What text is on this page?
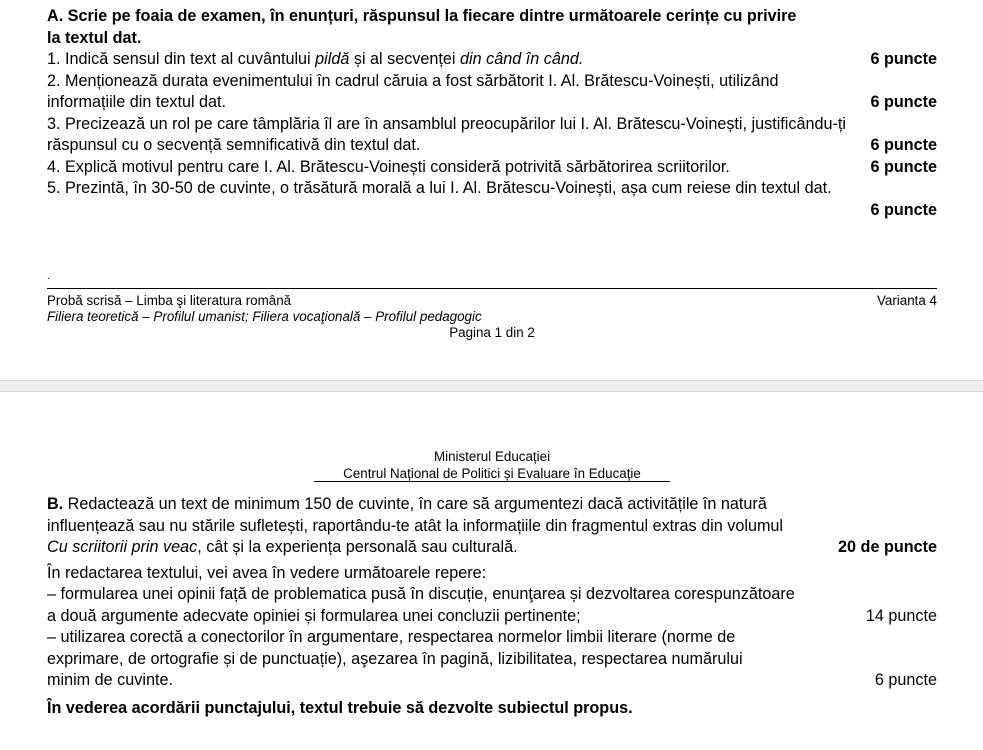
A. Scrie pe foaia de examen, în enunțuri, răspunsul la fiecare dintre următoarele cerințe cu privire
la textul dat.
1. Indică sensul din text al cuvântului pildă și al secvenței din când în când.	6 puncte
2. Menționează durata evenimentului în cadrul căruia a fost sărbătorit I. Al. Brătescu-Voinești, utilizând
informațiile din textul dat.	6 puncte
3. Precizează un rol pe care tâmplăria îl are în ansamblul preocupărilor lui I. Al. Brătescu-Voinești, justificându-ți
răspunsul cu o secvență semnificativă din textul dat.	6 puncte
4. Explică motivul pentru care I. Al. Brătescu-Voinești consideră potrivită sărbătorirea scriitorilor.	6 puncte
5. Prezintă, în 30-50 de cuvinte, o trăsătură morală a lui I. Al. Brătescu-Voinești, așa cum reiese din textul dat.
6 puncte
.
Probă scrisă – Limba şi literatura română	Varianta 4
Filiera teoretică – Profilul umanist; Filiera vocaţională – Profilul pedagogic
Pagina 1 din 2
Ministerul Educației
Centrul Național de Politici și Evaluare în Educație
B. Redactează un text de minimum 150 de cuvinte, în care să argumentezi dacă activitățile în natură
influențează sau nu stările sufletești, raportându-te atât la informațiile din fragmentul extras din volumul
Cu scriitorii prin veac, cât și la experiența personală sau culturală.	20 de puncte
În redactarea textului, vei avea în vedere următoarele repere:
– formularea unei opinii față de problematica pusă în discuție, enunţarea și dezvoltarea corespunzătoare
a două argumente adecvate opiniei și formularea unei concluzii pertinente;	14 puncte
– utilizarea corectă a conectorilor în argumentare, respectarea normelor limbii literare (norme de
exprimare, de ortografie și de punctuație), aşezarea în pagină, lizibilitatea, respectarea numărului
minim de cuvinte.	6 puncte
În vederea acordării punctajului, textul trebuie să dezvolte subiectul propus.
